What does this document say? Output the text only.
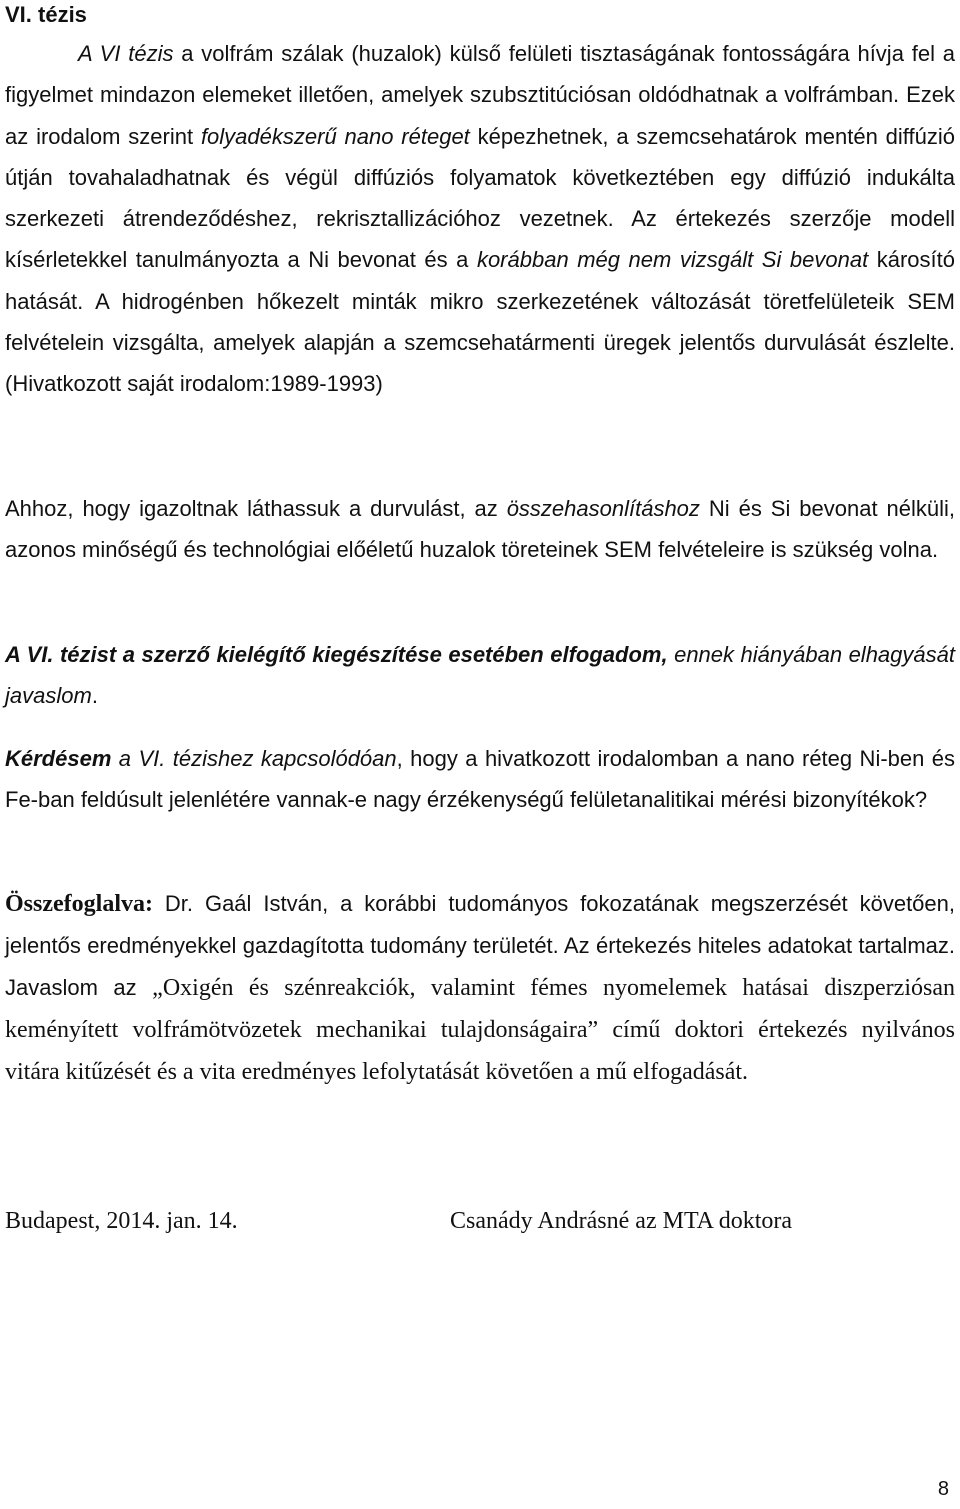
VI. tézis

A VI tézis a volfrám szálak (huzalok) külső felületi tisztaságának fontosságára hívja fel a figyelmet mindazon elemeket illetően, amelyek szubsztitúciósan oldódhatnak a volfrámban. Ezek az irodalom szerint folyadékszerű nano réteget képezhetnek, a szemcsehatárok mentén diffúzió útján tovahaladhatnak és végül diffúziós folyamatok következtében egy diffúzió indukálta szerkezeti átrendeződéshez, rekrisztallizációhoz vezetnek. Az értekezés szerzője modell kísérletekkel tanulmányozta a Ni bevonat és a korábban még nem vizsgált Si bevonat károsító hatását. A hidrogénben hőkezelt minták mikro szerkezetének változását töretfelületeik SEM felvételein vizsgálta, amelyek alapján a szemcsehatármenti üregek jelentős durvulását észlelte. (Hivatkozott saját irodalom:1989-1993)

Ahhoz, hogy igazoltnak láthassuk a durvulást, az összehasonlításhoz Ni és Si bevonat nélküli, azonos minőségű és technológiai előéletű huzalok töreteinek SEM felvételeire is szükség volna.

A VI. tézist a szerző kielégítő kiegészítése esetében elfogadom, ennek hiányában elhagyását javaslom.

Kérdésem a VI. tézishez kapcsolódóan, hogy a hivatkozott irodalomban a nano réteg Ni-ben és Fe-ban feldúsult jelenlétére vannak-e nagy érzékenységű felületanalitikai mérési bizonyítékok?

Összefoglalva: Dr. Gaál István, a korábbi tudományos fokozatának megszerzését követően, jelentős eredményekkel gazdagította tudomány területét. Az értekezés hiteles adatokat tartalmaz. Javaslom az „Oxigén és szénreakciók, valamint fémes nyomelemek hatásai diszperziósan keményített volfrámötvözetek mechanikai tulajdonságaira” című doktori értekezés nyilvános vitára kitűzését és a vita eredményes lefolytatását követően a mű elfogadását.

Budapest, 2014. jan. 14.	Csanády Andrásné az MTA doktora
8
